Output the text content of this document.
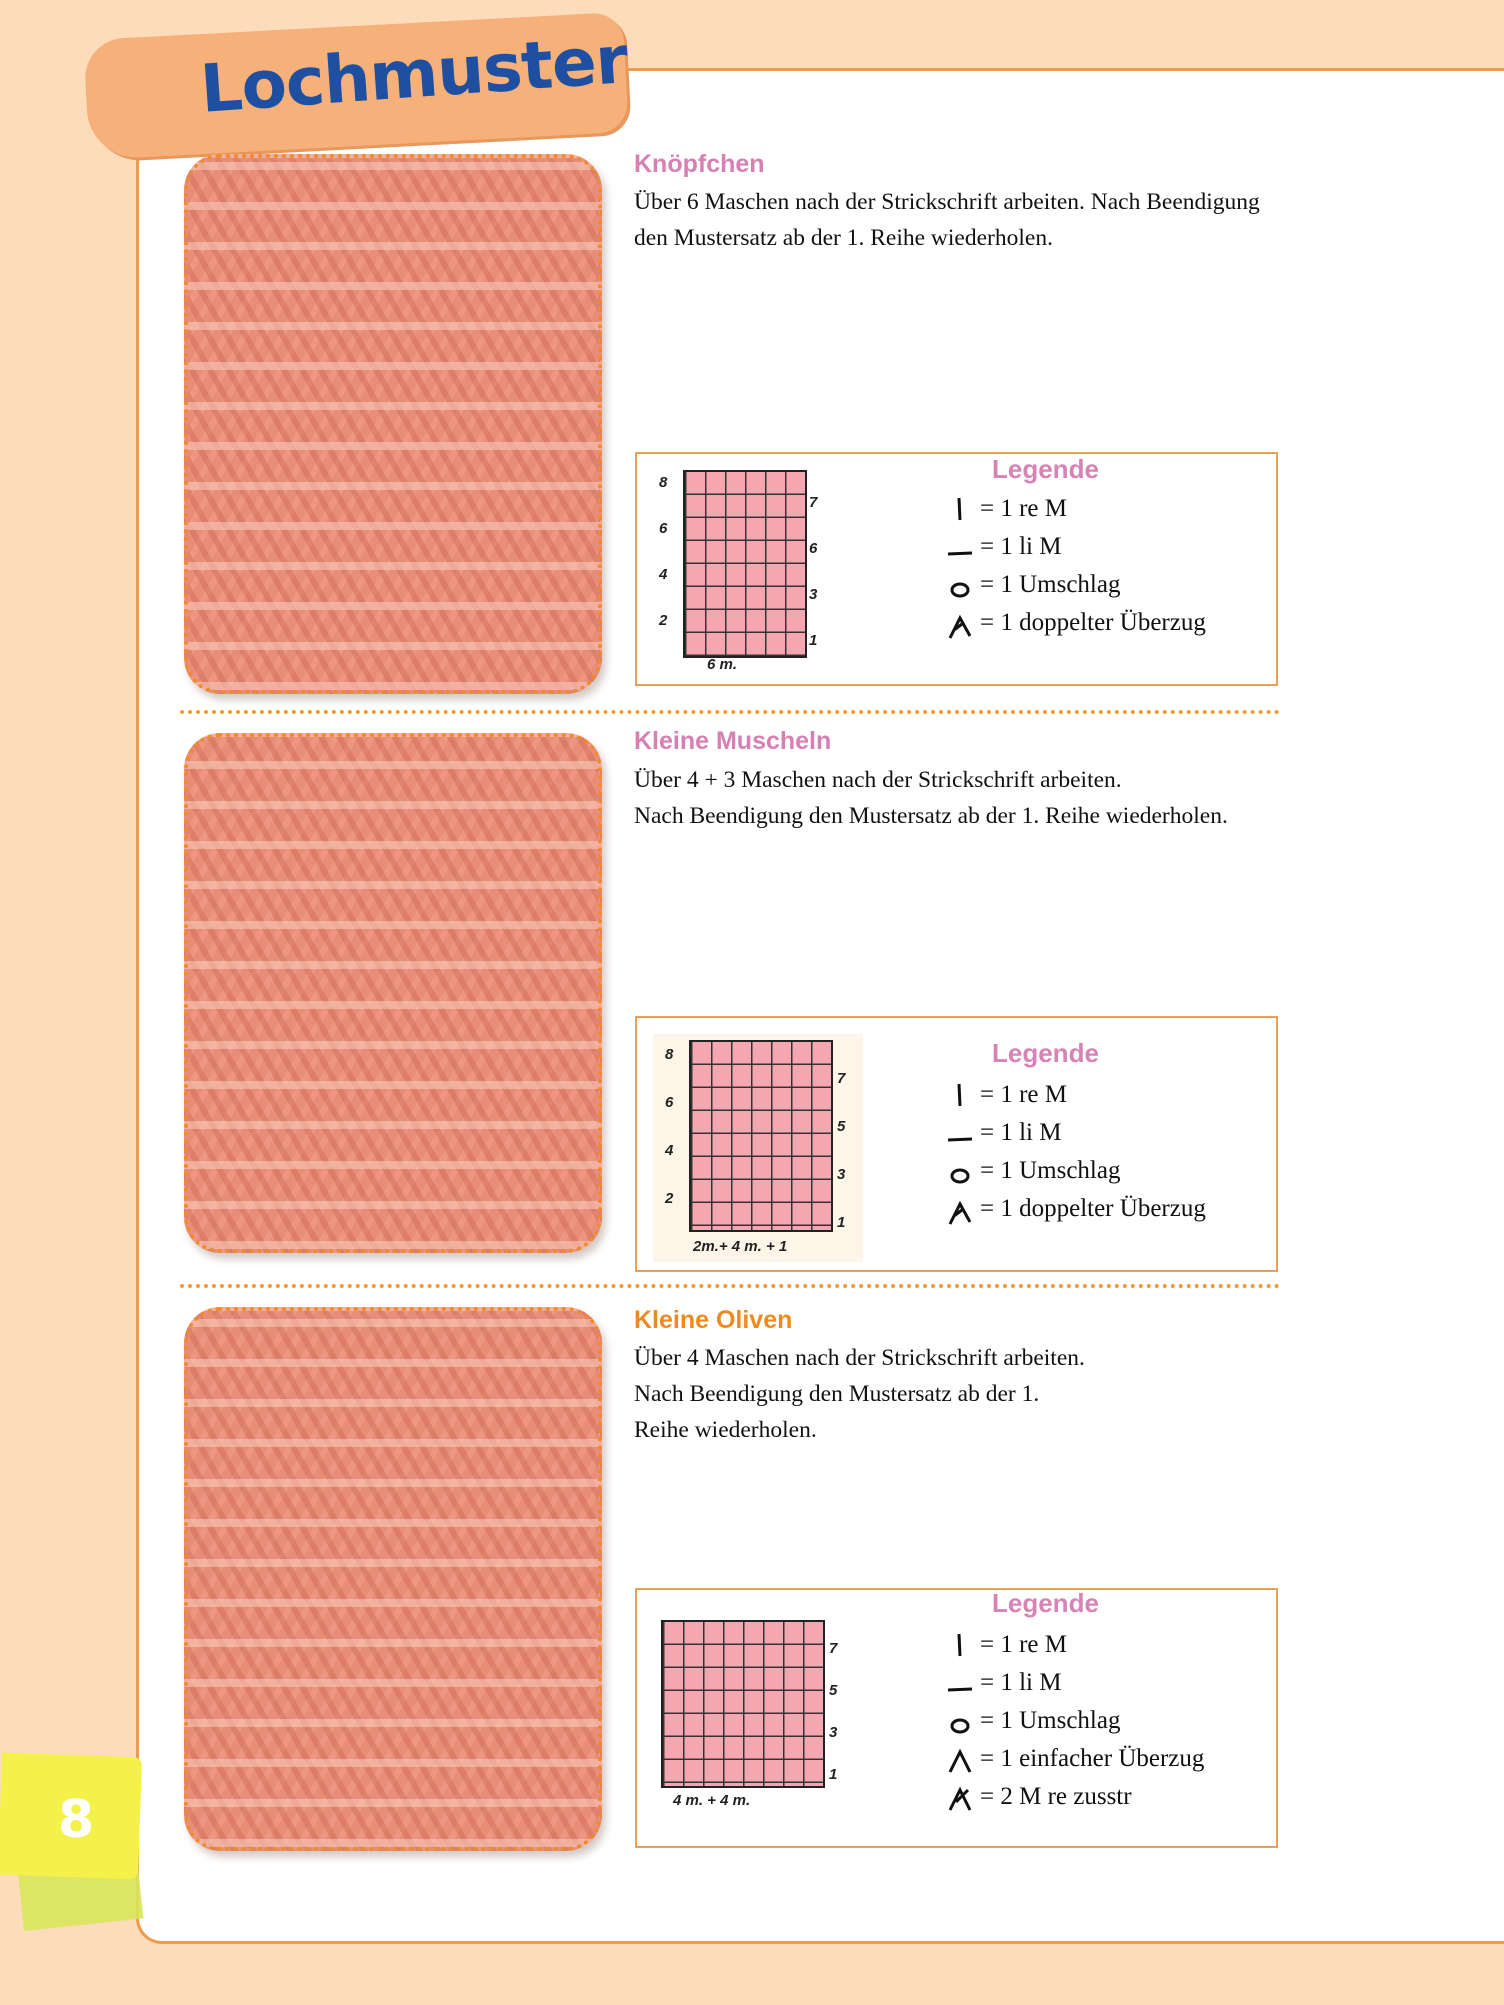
Lochmuster
8
Knöpfchen
Über 6 Maschen nach der Strickschrift arbeiten. Nach Beendigung
den Mustersatz ab der 1. Reihe wiederholen.
8
6
4
2
7
6
3
1
6 m.
Legende
= 1 re M
= 1 li M
= 1 Umschlag
= 1 doppelter Überzug
Kleine Muscheln
Über 4 + 3 Maschen nach der Strickschrift arbeiten.
Nach Beendigung den Mustersatz ab der 1. Reihe wiederholen.
8
6
4
2
7
5
3
1
2m.+ 4 m. + 1
Legende
= 1 re M
= 1 li M
= 1 Umschlag
= 1 doppelter Überzug
Kleine Oliven
Über 4 Maschen nach der Strickschrift arbeiten.
Nach Beendigung den Mustersatz ab der 1.
Reihe wiederholen.
7
5
3
1
4 m. + 4 m.
Legende
= 1 re M
= 1 li M
= 1 Umschlag
= 1 einfacher Überzug
= 2 M re zusstr
